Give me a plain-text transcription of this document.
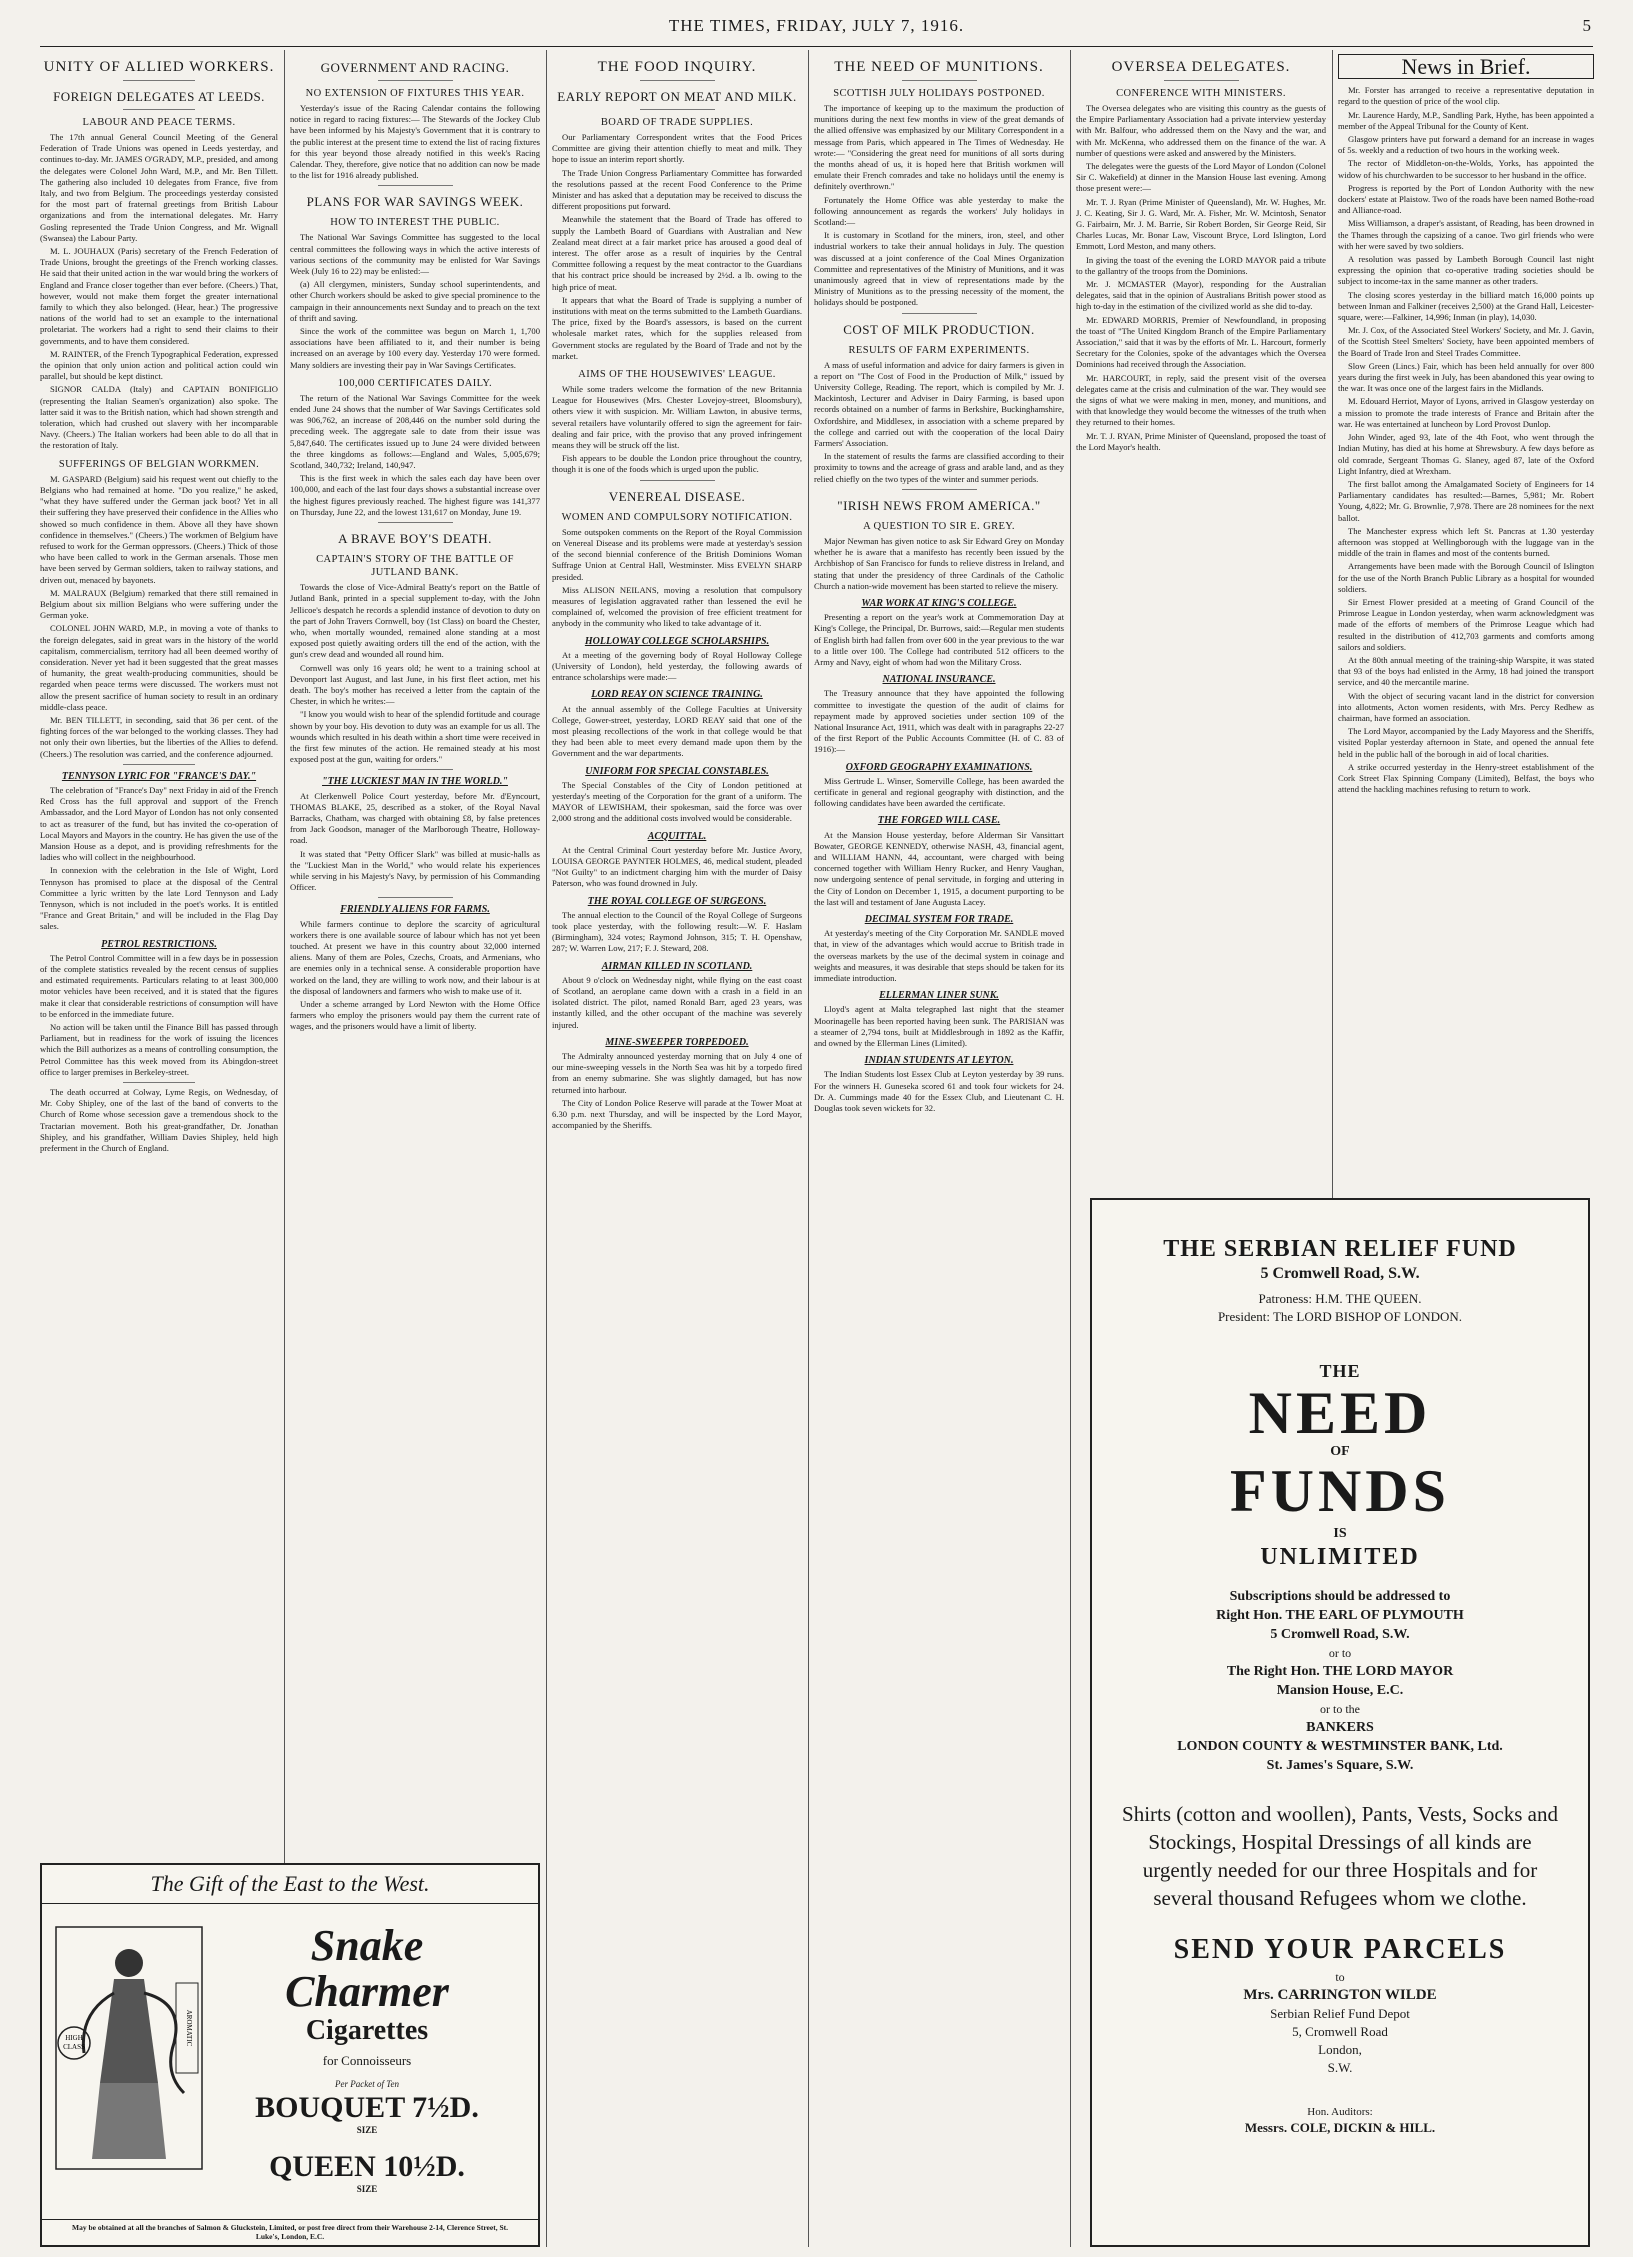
THE TIMES, FRIDAY, JULY 7, 1916.	5
UNITY OF ALLIED WORKERS.
FOREIGN DELEGATES AT LEEDS.
LABOUR AND PEACE TERMS.

The 17th annual General Council Meeting of the General Federation of Trade Unions was opened in Leeds yesterday, and continues to-day. Mr. JAMES O'GRADY, M.P., presided, and among the delegates were Colonel John Ward, M.P., and Mr. Ben Tillett. The gathering also included 10 delegates from France, five from Italy, and two from Belgium. The proceedings yesterday consisted for the most part of fraternal greetings from British Labour organizations and from the international delegates. Mr. Harry Gosling represented the Trade Union Congress, and Mr. Wignall (Swansea) the Labour Party.

M. L. JOUHAUX (Paris) secretary of the French Federation of Trade Unions, brought the greetings of the French working classes. He said that their united action in the war would bring the workers of England and France closer together than ever before. (Cheers.) That, however, would not make them forget the greater international family to which they also belonged. (Hear, hear.) The progressive nations of the world had to set an example to the international proletariat. The workers had a right to send their claims to their governments, and to have them considered.

M. RAINTER, of the French Typographical Federation, expressed the opinion that only union action and political action could win parallel, but should be kept distinct.

SIGNOR CALDA (Italy) and CAPTAIN BONIFIGLIO (representing the Italian Seamen's organization) also spoke. The latter said it was to the British nation, which had shown strength and toleration, which had crushed out slavery with her incomparable Navy. (Cheers.) The Italian workers had been able to do all that in the restoration of Italy.

SUFFERINGS OF BELGIAN WORKMEN.

M. GASPARD (Belgium) said his request went out chiefly to the Belgians who had remained at home. "Do you realize," he asked, "what they have suffered under the German jack boot? Yet in all their suffering they have preserved their confidence in the Allies who showed so much confidence in them. Above all they have shown confidence in themselves." (Cheers.) The workmen of Belgium have refused to work for the German oppressors. (Cheers.) Thick of those who have been called to work in the German arsenals. Those men have been served by German soldiers, taken to railway stations, and driven out, menaced by bayonets.

M. MALRAUX (Belgium) remarked that there still remained in Belgium about six million Belgians who were suffering under the German yoke.

COLONEL JOHN WARD, M.P., in moving a vote of thanks to the foreign delegates, said in great wars in the history of the world capitalism, commercialism, territory had all been deemed worthy of consideration. Never yet had it been suggested that the great masses of humanity, the great wealth-producing communities, should be regarded when peace terms were discussed. The workers must not allow the present sacrifice of human society to result in an ordinary middle-class peace.

Mr. BEN TILLETT, in seconding, said that 36 per cent. of the fighting forces of the war belonged to the working classes. They had not only their own liberties, but the liberties of the Allies to defend. (Cheers.) The resolution was carried, and the conference adjourned.

TENNYSON LYRIC FOR "FRANCE'S DAY."

The celebration of "France's Day" next Friday in aid of the French Red Cross has the full approval and support of the French Ambassador, and the Lord Mayor of London has not only consented to act as treasurer of the fund, but has invited the co-operation of Local Mayors and Mayors in the country. He has given the use of the Mansion House as a depot, and is providing refreshments for the ladies who will collect in the neighbourhood.

In connexion with the celebration in the Isle of Wight, Lord Tennyson has promised to place at the disposal of the Central Committee a lyric written by the late Lord Tennyson and Lady Tennyson, which is not included in the poet's works. It is entitled "France and Great Britain," and will be included in the Flag Day sales.

PETROL RESTRICTIONS.

The Petrol Control Committee will in a few days be in possession of the complete statistics revealed by the recent census of supplies and estimated requirements. Particulars relating to at least 300,000 motor vehicles have been received, and it is stated that the figures make it clear that considerable restrictions of consumption will have to be enforced in the immediate future.

No action will be taken until the Finance Bill has passed through Parliament, but in readiness for the work of issuing the licences which the Bill authorizes as a means of controlling consumption, the Petrol Committee has this week moved from its Abingdon-street office to larger premises in Berkeley-street.

The death occurred at Colway, Lyme Regis, on Wednesday, of Mr. Coby Shipley, one of the last of the band of converts to the Church of Rome whose secession gave a tremendous shock to the Tractarian movement. Both his great-grandfather, Dr. Jonathan Shipley, and his grandfather, William Davies Shipley, held high preferment in the Church of England.

GOVERNMENT AND RACING.
NO EXTENSION OF FIXTURES THIS YEAR.

Yesterday's issue of the Racing Calendar contains the following notice in regard to racing fixtures:— The Stewards of the Jockey Club have been informed by his Majesty's Government that it is contrary to the public interest at the present time to extend the list of racing fixtures for this year beyond those already notified in this week's Racing Calendar. They, therefore, give notice that no addition can now be made to the list for 1916 already published.

PLANS FOR WAR SAVINGS WEEK.
HOW TO INTEREST THE PUBLIC.

The National War Savings Committee has suggested to the local central committees the following ways in which the active interests of various sections of the community may be enlisted for War Savings Week (July 16 to 22) may be enlisted:—

(a) All clergymen, ministers, Sunday school superintendents, and other Church workers should be asked to give special prominence to the campaign in their announcements next Sunday and to preach on the text of thrift and saving.

Since the work of the committee was begun on March 1, 1,700 associations have been affiliated to it, and their number is being increased on an average by 100 every day. Yesterday 170 were formed. Many soldiers are investing their pay in War Savings Certificates.

100,000 CERTIFICATES DAILY.

The return of the National War Savings Committee for the week ended June 24 shows that the number of War Savings Certificates sold was 906,762, an increase of 208,446 on the number sold during the preceding week. The aggregate sale to date from their issue was 5,847,640. The certificates issued up to June 24 were divided between the three kingdoms as follows:—England and Wales, 5,005,679; Scotland, 340,732; Ireland, 140,947.

This is the first week in which the sales each day have been over 100,000, and each of the last four days shows a substantial increase over the highest figures previously reached. The highest figure was 141,377 on Thursday, June 22, and the lowest 131,617 on Monday, June 19.

A BRAVE BOY'S DEATH.
CAPTAIN'S STORY OF THE BATTLE OF JUTLAND BANK.

Towards the close of Vice-Admiral Beatty's report on the Battle of Jutland Bank, printed in a special supplement to-day, with the John Jellicoe's despatch he records a splendid instance of devotion to duty on the part of John Travers Cornwell, boy (1st Class) on board the Chester, who, when mortally wounded, remained alone standing at a most exposed post quietly awaiting orders till the end of the action, with the gun's crew dead and wounded all round him.

Cornwell was only 16 years old; he went to a training school at Devonport last August, and last June, in his first fleet action, met his death. The boy's mother has received a letter from the captain of the Chester, in which he writes:—

"I know you would wish to hear of the splendid fortitude and courage shown by your boy. His devotion to duty was an example for us all. The wounds which resulted in his death within a short time were received in the first few minutes of the action. He remained steady at his most exposed post at the gun, waiting for orders."

"THE LUCKIEST MAN IN THE WORLD."

At Clerkenwell Police Court yesterday, before Mr. d'Eyncourt, THOMAS BLAKE, 25, described as a stoker, of the Royal Naval Barracks, Chatham, was charged with obtaining £8, by false pretences from Jack Goodson, manager of the Marlborough Theatre, Holloway-road.

It was stated that "Petty Officer Slark" was billed at music-halls as the "Luckiest Man in the World," who would relate his experiences while serving in his Majesty's Navy, by permission of his Commanding Officer.

FRIENDLY ALIENS FOR FARMS.

While farmers continue to deplore the scarcity of agricultural workers there is one available source of labour which has not yet been touched. At present we have in this country about 32,000 interned aliens. Many of them are Poles, Czechs, Croats, and Armenians, who are enemies only in a technical sense. A considerable proportion have worked on the land, they are willing to work now, and their labour is at the disposal of landowners and farmers who wish to make use of it.

Under a scheme arranged by Lord Newton with the Home Office farmers who employ the prisoners would pay them the current rate of wages, and the prisoners would have a limit of liberty.

THE FOOD INQUIRY.
EARLY REPORT ON MEAT AND MILK.
BOARD OF TRADE SUPPLIES.

Our Parliamentary Correspondent writes that the Food Prices Committee are giving their attention chiefly to meat and milk. They hope to issue an interim report shortly.

The Trade Union Congress Parliamentary Committee has forwarded the resolutions passed at the recent Food Conference to the Prime Minister and has asked that a deputation may be received to discuss the different propositions put forward.

Meanwhile the statement that the Board of Trade has offered to supply the Lambeth Board of Guardians with Australian and New Zealand meat direct at a fair market price has aroused a good deal of interest. The offer arose as a result of inquiries by the Central Committee following a request by the meat contractor to the Guardians that his contract price should be increased by 2½d. a lb. owing to the high price of meat.

It appears that what the Board of Trade is supplying a number of institutions with meat on the terms submitted to the Lambeth Guardians. The price, fixed by the Board's assessors, is based on the current wholesale market rates, which for the supplies released from Government stocks are regulated by the Board of Trade and not by the market.

AIMS OF THE HOUSEWIVES' LEAGUE.

While some traders welcome the formation of the new Britannia League for Housewives (Mrs. Chester Lovejoy-street, Bloomsbury), others view it with suspicion. Mr. William Lawton, in abusive terms, several retailers have voluntarily offered to sign the agreement for fair-dealing and fair price, with the proviso that any proved infringement means they will be struck off the list.

Fish appears to be double the London price throughout the country, though it is one of the foods which is urged upon the public.

VENEREAL DISEASE.
WOMEN AND COMPULSORY NOTIFICATION.

Some outspoken comments on the Report of the Royal Commission on Venereal Disease and its problems were made at yesterday's session of the second biennial conference of the British Dominions Woman Suffrage Union at Central Hall, Westminster. Miss EVELYN SHARP presided.

Miss ALISON NEILANS, moving a resolution that compulsory measures of legislation aggravated rather than lessened the evil he complained of, welcomed the provision of free efficient treatment for anybody in the community who liked to take advantage of it.

HOLLOWAY COLLEGE SCHOLARSHIPS.

At a meeting of the governing body of Royal Holloway College (University of London), held yesterday, the following awards of entrance scholarships were made:—

LORD REAY ON SCIENCE TRAINING.

At the annual assembly of the College Faculties at University College, Gower-street, yesterday, LORD REAY said that one of the most pleasing recollections of the work in that college would be that they had been able to meet every demand made upon them by the Government and the war departments.

UNIFORM FOR SPECIAL CONSTABLES.

The Special Constables of the City of London petitioned at yesterday's meeting of the Corporation for the grant of a uniform. The MAYOR of LEWISHAM, their spokesman, said the force was over 2,000 strong and the additional costs involved would be considerable.

ACQUITTAL.

At the Central Criminal Court yesterday before Mr. Justice Avory, LOUISA GEORGE PAYNTER HOLMES, 46, medical student, pleaded "Not Guilty" to an indictment charging him with the murder of Daisy Paterson, who was found drowned in July.

THE ROYAL COLLEGE OF SURGEONS.

The annual election to the Council of the Royal College of Surgeons took place yesterday, with the following result:—W. F. Haslam (Birmingham), 324 votes; Raymond Johnson, 315; T. H. Openshaw, 287; W. Warren Low, 217; F. J. Steward, 208.

AIRMAN KILLED IN SCOTLAND.

About 9 o'clock on Wednesday night, while flying on the east coast of Scotland, an aeroplane came down with a crash in a field in an isolated district. The pilot, named Ronald Barr, aged 23 years, was instantly killed, and the other occupant of the machine was severely injured.

MINE-SWEEPER TORPEDOED.

The Admiralty announced yesterday morning that on July 4 one of our mine-sweeping vessels in the North Sea was hit by a torpedo fired from an enemy submarine. She was slightly damaged, but has now returned into harbour.

The City of London Police Reserve will parade at the Tower Moat at 6.30 p.m. next Thursday, and will be inspected by the Lord Mayor, accompanied by the Sheriffs.

THE NEED OF MUNITIONS.
SCOTTISH JULY HOLIDAYS POSTPONED.

The importance of keeping up to the maximum the production of munitions during the next few months in view of the great demands of the allied offensive was emphasized by our Military Correspondent in a message from Paris, which appeared in The Times of Wednesday. He wrote:— "Considering the great need for munitions of all sorts during the months ahead of us, it is hoped here that British workmen will emulate their French comrades and take no holidays until the enemy is definitely overthrown."

Fortunately the Home Office was able yesterday to make the following announcement as regards the workers' July holidays in Scotland:—

It is customary in Scotland for the miners, iron, steel, and other industrial workers to take their annual holidays in July. The question was discussed at a joint conference of the Coal Mines Organization Committee and representatives of the Ministry of Munitions, and it was unanimously agreed that in view of representations made by the Ministry of Munitions as to the pressing necessity of the moment, the holidays should be postponed.

COST OF MILK PRODUCTION.
RESULTS OF FARM EXPERIMENTS.

A mass of useful information and advice for dairy farmers is given in a report on "The Cost of Food in the Production of Milk," issued by University College, Reading. The report, which is compiled by Mr. J. Mackintosh, Lecturer and Adviser in Dairy Farming, is based upon records obtained on a number of farms in Berkshire, Buckinghamshire, Oxfordshire, and Middlesex, in association with a scheme prepared by the college and carried out with the cooperation of the local Dairy Farmers' Association.

In the statement of results the farms are classified according to their proximity to towns and the acreage of grass and arable land, and as they relied chiefly on the two types of the winter and summer periods.

"IRISH NEWS FROM AMERICA."
A QUESTION TO SIR E. GREY.

Major Newman has given notice to ask Sir Edward Grey on Monday whether he is aware that a manifesto has recently been issued by the Archbishop of San Francisco for funds to relieve distress in Ireland, and stating that under the presidency of three Cardinals of the Catholic Church a nation-wide movement has been started to relieve the misery.

WAR WORK AT KING'S COLLEGE.

Presenting a report on the year's work at Commemoration Day at King's College, the Principal, Dr. Burrows, said:—Regular men students of English birth had fallen from over 600 in the year previous to the war to a little over 100. The College had contributed 512 officers to the Army and Navy, eight of whom had won the Military Cross.

NATIONAL INSURANCE.

The Treasury announce that they have appointed the following committee to investigate the question of the audit of claims for repayment made by approved societies under section 109 of the National Insurance Act, 1911, which was dealt with in paragraphs 22-27 of the first Report of the Public Accounts Committee (H. of C. 83 of 1916):—

OXFORD GEOGRAPHY EXAMINATIONS.

Miss Gertrude L. Winser, Somerville College, has been awarded the certificate in general and regional geography with distinction, and the following candidates have been awarded the certificate.

THE FORGED WILL CASE.

At the Mansion House yesterday, before Alderman Sir Vansittart Bowater, GEORGE KENNEDY, otherwise NASH, 43, financial agent, and WILLIAM HANN, 44, accountant, were charged with being concerned together with William Henry Rucker, and Henry Vaughan, now undergoing sentence of penal servitude, in forging and uttering in the City of London on December 1, 1915, a document purporting to be the last will and testament of Jane Augusta Lacey.

DECIMAL SYSTEM FOR TRADE.

At yesterday's meeting of the City Corporation Mr. SANDLE moved that, in view of the advantages which would accrue to British trade in the overseas markets by the use of the decimal system in coinage and weights and measures, it was desirable that steps should be taken for its immediate introduction.

ELLERMAN LINER SUNK.

Lloyd's agent at Malta telegraphed last night that the steamer Moorinagelle has been reported having been sunk. The PARISIAN was a steamer of 2,794 tons, built at Middlesbrough in 1892 as the Kaffir, and owned by the Ellerman Lines (Limited).

INDIAN STUDENTS AT LEYTON.

The Indian Students lost Essex Club at Leyton yesterday by 39 runs. For the winners H. Guneseka scored 61 and took four wickets for 24. Dr. A. Cummings made 40 for the Essex Club, and Lieutenant C. H. Douglas took seven wickets for 32.

OVERSEA DELEGATES.
CONFERENCE WITH MINISTERS.

The Oversea delegates who are visiting this country as the guests of the Empire Parliamentary Association had a private interview yesterday with Mr. Balfour, who addressed them on the Navy and the war, and with Mr. McKenna, who addressed them on the finance of the war. A number of questions were asked and answered by the Ministers.

The delegates were the guests of the Lord Mayor of London (Colonel Sir C. Wakefield) at dinner in the Mansion House last evening. Among those present were:—

Mr. T. J. Ryan (Prime Minister of Queensland), Mr. W. Hughes, Mr. J. C. Keating, Sir J. G. Ward, Mr. A. Fisher, Mr. W. Mcintosh, Senator G. Fairbairn, Mr. J. M. Barrie, Sir Robert Borden, Sir George Reid, Sir Charles Lucas, Mr. Bonar Law, Viscount Bryce, Lord Islington, Lord Emmott, Lord Meston, and many others.

In giving the toast of the evening the LORD MAYOR paid a tribute to the gallantry of the troops from the Dominions.

Mr. J. MCMASTER (Mayor), responding for the Australian delegates, said that in the opinion of Australians British power stood as high to-day in the estimation of the civilized world as she did to-day.

Mr. EDWARD MORRIS, Premier of Newfoundland, in proposing the toast of "The United Kingdom Branch of the Empire Parliamentary Association," said that it was by the efforts of Mr. L. Harcourt, formerly Secretary for the Colonies, spoke of the advantages which the Oversea Dominions had received through the Association.

Mr. HARCOURT, in reply, said the present visit of the oversea delegates came at the crisis and culmination of the war. They would see the signs of what we were making in men, money, and munitions, and with that knowledge they would become the witnesses of the truth when they returned to their homes.

Mr. T. J. RYAN, Prime Minister of Queensland, proposed the toast of the Lord Mayor's health.

News in Brief.

Mr. Forster has arranged to receive a representative deputation in regard to the question of price of the wool clip.

Mr. Laurence Hardy, M.P., Sandling Park, Hythe, has been appointed a member of the Appeal Tribunal for the County of Kent.

Glasgow printers have put forward a demand for an increase in wages of 5s. weekly and a reduction of two hours in the working week.

The rector of Middleton-on-the-Wolds, Yorks, has appointed the widow of his churchwarden to be successor to her husband in the office.

Progress is reported by the Port of London Authority with the new dockers' estate at Plaistow. Two of the roads have been named Bothe-road and Alliance-road.

Miss Williamson, a draper's assistant, of Reading, has been drowned in the Thames through the capsizing of a canoe. Two girl friends who were with her were saved by two soldiers.

A resolution was passed by Lambeth Borough Council last night expressing the opinion that co-operative trading societies should be subject to income-tax in the same manner as other traders.

The closing scores yesterday in the billiard match 16,000 points up between Inman and Falkiner (receives 2,500) at the Grand Hall, Leicester-square, were:—Falkiner, 14,996; Inman (in play), 14,030.

Mr. J. Cox, of the Associated Steel Workers' Society, and Mr. J. Gavin, of the Scottish Steel Smelters' Society, have been appointed members of the Board of Trade Iron and Steel Trades Committee.

Slow Green (Lincs.) Fair, which has been held annually for over 800 years during the first week in July, has been abandoned this year owing to the war. It was once one of the largest fairs in the Midlands.

M. Edouard Herriot, Mayor of Lyons, arrived in Glasgow yesterday on a mission to promote the trade interests of France and Britain after the war. He was entertained at luncheon by Lord Provost Dunlop.

John Winder, aged 93, late of the 4th Foot, who went through the Indian Mutiny, has died at his home at Shrewsbury. A few days before as old comrade, Sergeant Thomas G. Slaney, aged 87, late of the Oxford Light Infantry, died at Wrexham.

The first ballot among the Amalgamated Society of Engineers for 14 Parliamentary candidates has resulted:—Barnes, 5,981; Mr. Robert Young, 4,822; Mr. G. Brownlie, 7,978. There are 28 nominees for the next ballot.

The Manchester express which left St. Pancras at 1.30 yesterday afternoon was stopped at Wellingborough with the luggage van in the middle of the train in flames and most of the contents burned.

Arrangements have been made with the Borough Council of Islington for the use of the North Branch Public Library as a hospital for wounded soldiers.

Sir Ernest Flower presided at a meeting of Grand Council of the Primrose League in London yesterday, when warm acknowledgment was made of the efforts of members of the Primrose League which had resulted in the distribution of 412,703 garments and comforts among sailors and soldiers.

At the 80th annual meeting of the training-ship Warspite, it was stated that 93 of the boys had enlisted in the Army, 18 had joined the transport service, and 40 the mercantile marine.

With the object of securing vacant land in the district for conversion into allotments, Acton women residents, with Mrs. Percy Redhew as chairman, have formed an association.

The Lord Mayor, accompanied by the Lady Mayoress and the Sheriffs, visited Poplar yesterday afternoon in State, and opened the annual fete held in the public hall of the borough in aid of local charities.

A strike occurred yesterday in the Henry-street establishment of the Cork Street Flax Spinning Company (Limited), Belfast, the boys who attend the hackling machines refusing to return to work.

The Gift of the East to the West.
HIGH
CLASS
AROMATIC
Snake
Charmer
Cigarettes
for Connoisseurs
Per Packet of Ten
BOUQUET 7½D.
SIZE
QUEEN 10½D.
SIZE
May be obtained at all the branches of Salmon & Gluckstein, Limited, or post free direct from their Warehouse 2-14, Clerence Street, St. Luke's, London, E.C.
THE SERBIAN RELIEF FUND
5 Cromwell Road, S.W.
Patroness: H.M. THE QUEEN.
President: The LORD BISHOP OF LONDON.
THE
NEED
OF
FUNDS
IS
UNLIMITED
Subscriptions should be addressed to
Right Hon. THE EARL OF PLYMOUTH
5 Cromwell Road, S.W.
or to
The Right Hon. THE LORD MAYOR
Mansion House, E.C.
or to the
BANKERS
LONDON COUNTY & WESTMINSTER BANK, Ltd.
St. James's Square, S.W.
Shirts (cotton and woollen), Pants, Vests, Socks and Stockings, Hospital Dressings of all kinds are urgently needed for our three Hospitals and for several thousand Refugees whom we clothe.
SEND YOUR PARCELS
to
Mrs. CARRINGTON WILDE
Serbian Relief Fund Depot
5, Cromwell Road
London,
S.W.
Hon. Auditors:
Messrs. COLE, DICKIN & HILL.
